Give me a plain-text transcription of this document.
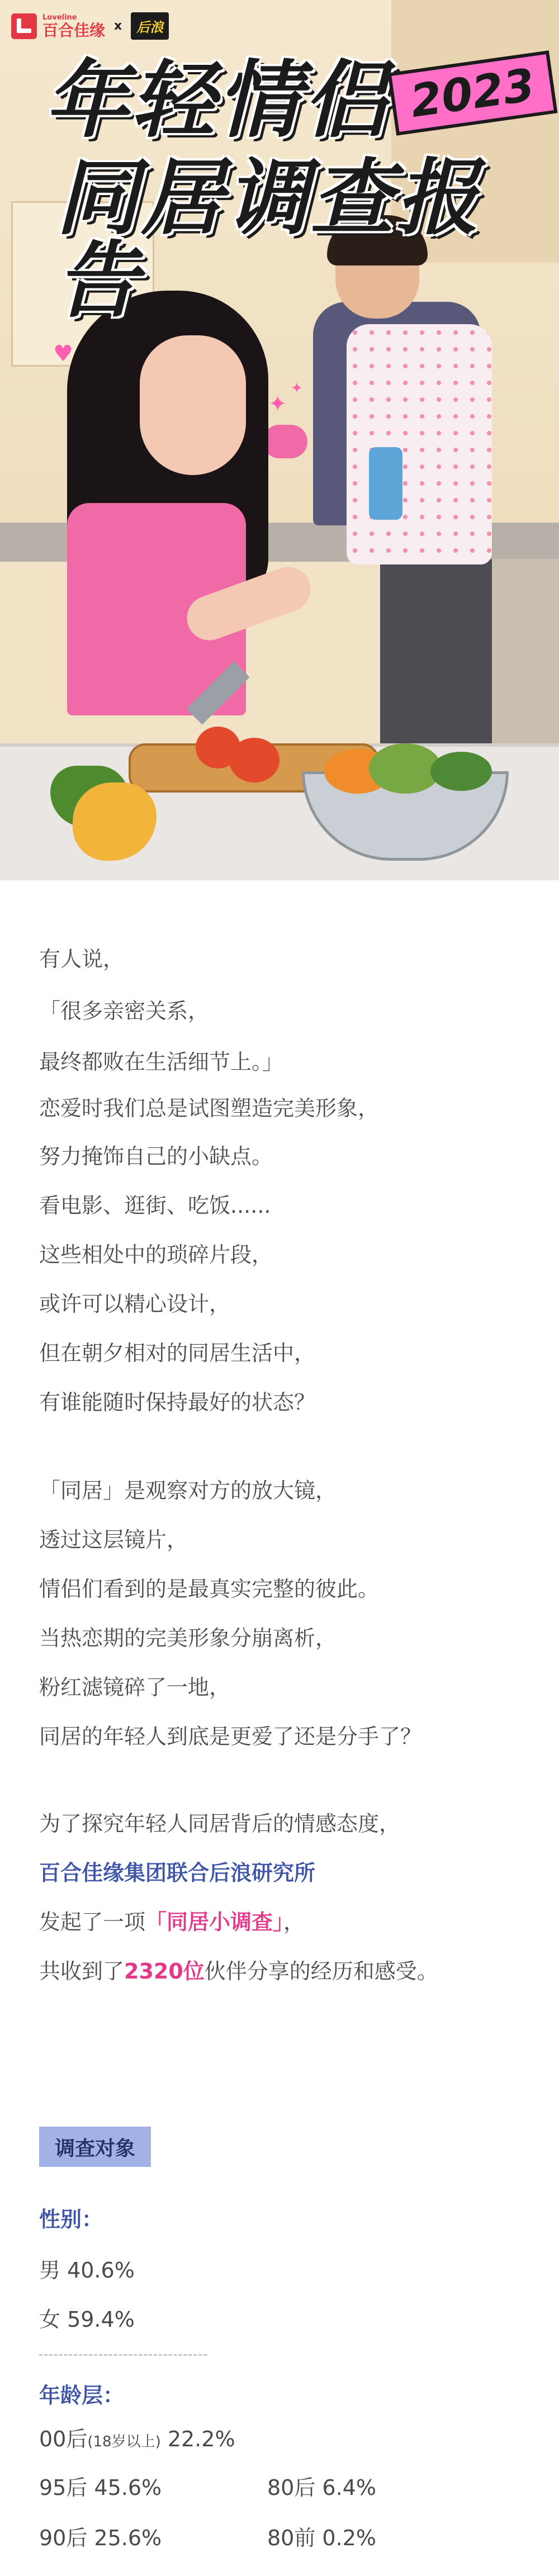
♥
✦
✦
Loveline
百合佳缘 x	后浪
年轻情侣 2023
同居调查报告
有人说，
「很多亲密关系，
最终都败在生活细节上。」
恋爱时我们总是试图塑造完美形象，
努力掩饰自己的小缺点。
看电影、逛街、吃饭......
这些相处中的琐碎片段，
或许可以精心设计，
但在朝夕相对的同居生活中，
有谁能随时保持最好的状态？
「同居」是观察对方的放大镜，
透过这层镜片，
情侣们看到的是最真实完整的彼此。
当热恋期的完美形象分崩离析，
粉红滤镜碎了一地，
同居的年轻人到底是更爱了还是分手了？
为了探究年轻人同居背后的情感态度，
百合佳缘集团联合后浪研究所
发起了一项「同居小调查」，
共收到了2320位伙伴分享的经历和感受。
调查对象
性别：
男 40.6%
女 59.4%
年龄层：
00后(18岁以上) 22.2%
95后 45.6%	80后 6.4%
90后 25.6%	80前 0.2%
